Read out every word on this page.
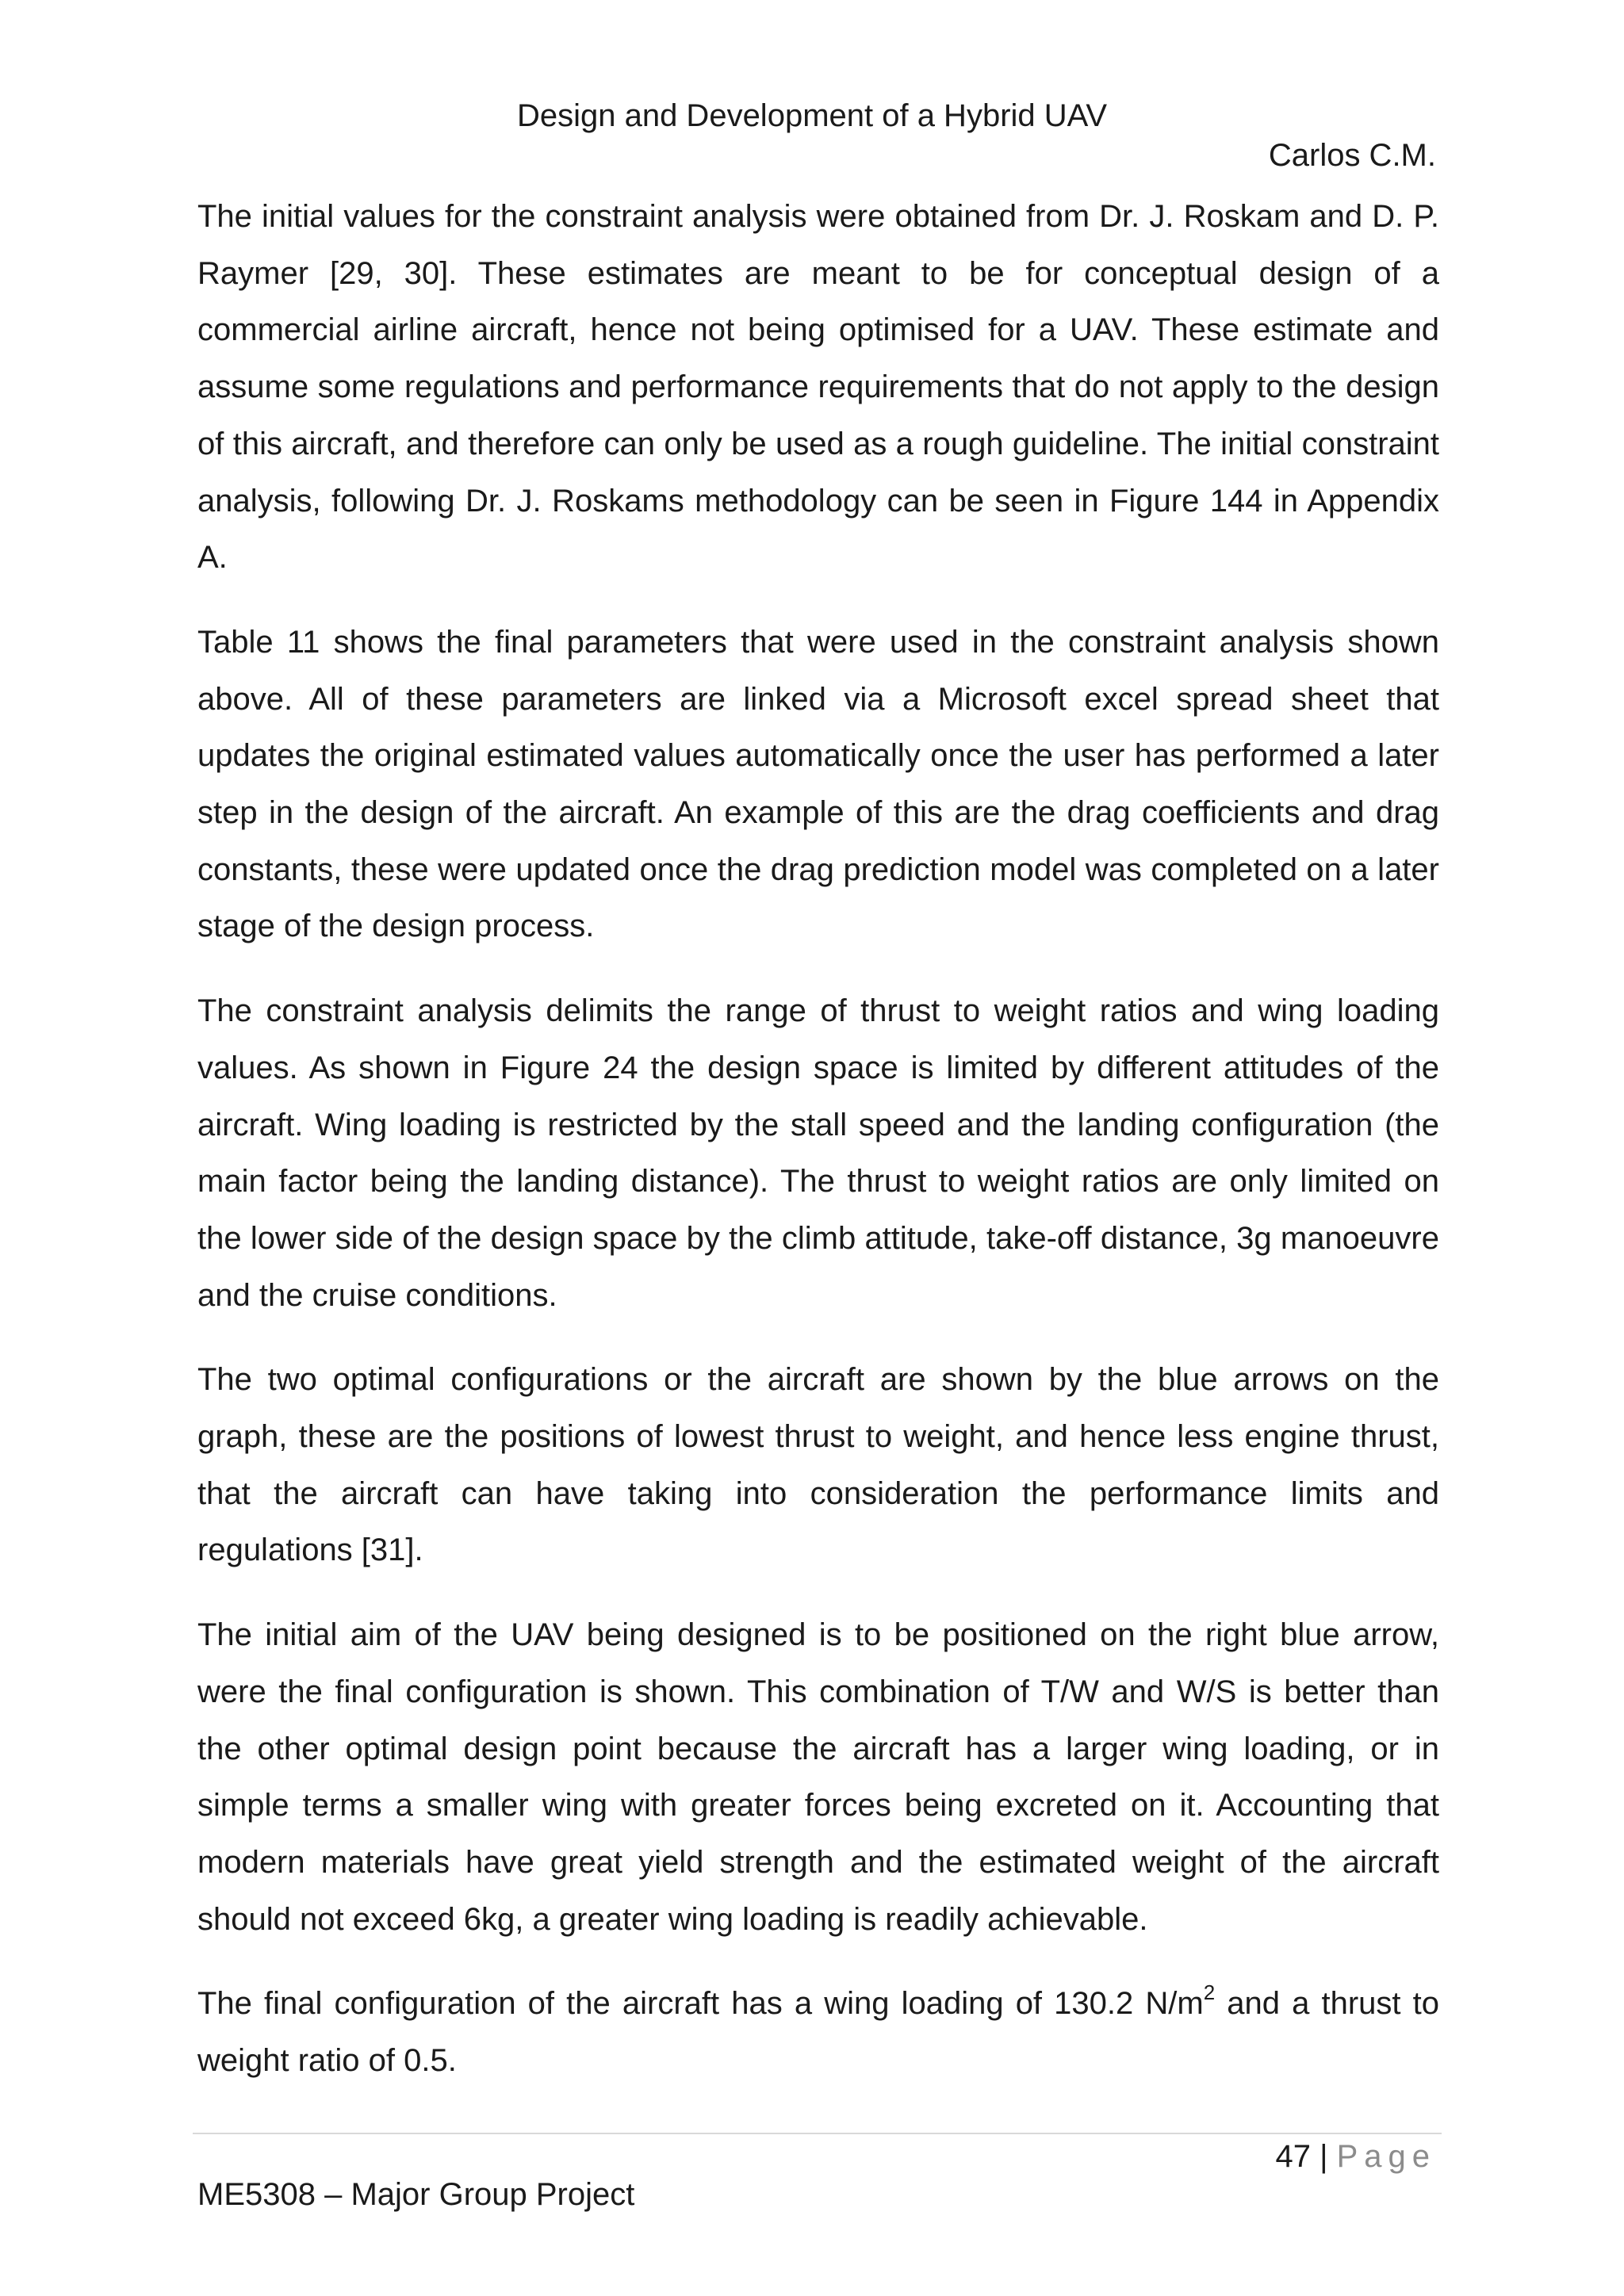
Design and Development of a Hybrid UAV
Carlos C.M.

The initial values for the constraint analysis were obtained from Dr. J. Roskam and D. P. Raymer [29, 30]. These estimates are meant to be for conceptual design of a commercial airline aircraft, hence not being optimised for a UAV. These estimate and assume some regulations and performance requirements that do not apply to the design of this aircraft, and therefore can only be used as a rough guideline. The initial constraint analysis, following Dr. J. Roskams methodology can be seen in Figure 144 in Appendix A.

Table 11 shows the final parameters that were used in the constraint analysis shown above. All of these parameters are linked via a Microsoft excel spread sheet that updates the original estimated values automatically once the user has performed a later step in the design of the aircraft. An example of this are the drag coefficients and drag constants, these were updated once the drag prediction model was completed on a later stage of the design process.

The constraint analysis delimits the range of thrust to weight ratios and wing loading values. As shown in Figure 24 the design space is limited by different attitudes of the aircraft. Wing loading is restricted by the stall speed and the landing configuration (the main factor being the landing distance). The thrust to weight ratios are only limited on the lower side of the design space by the climb attitude, take-off distance, 3g manoeuvre and the cruise conditions.

The two optimal configurations or the aircraft are shown by the blue arrows on the graph, these are the positions of lowest thrust to weight, and hence less engine thrust, that the aircraft can have taking into consideration the performance limits and regulations [31].

The initial aim of the UAV being designed is to be positioned on the right blue arrow, were the final configuration is shown. This combination of T/W and W/S is better than the other optimal design point because the aircraft has a larger wing loading, or in simple terms a smaller wing with greater forces being excreted on it. Accounting that modern materials have great yield strength and the estimated weight of the aircraft should not exceed 6kg, a greater wing loading is readily achievable.

The final configuration of the aircraft has a wing loading of 130.2 $N/m^2$ and a thrust to weight ratio of 0.5.

47 | Page
ME5308 – Major Group Project
